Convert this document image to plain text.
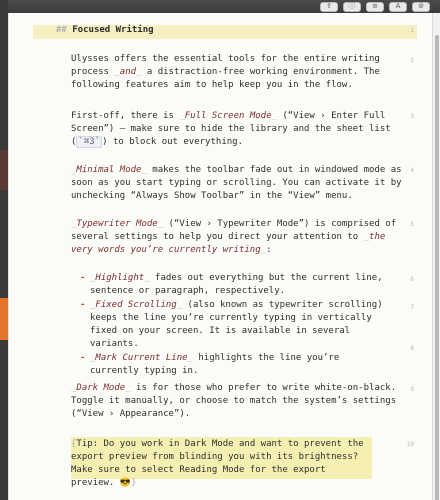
⇪	ⓘ	≡	A	⊘
## Focused Writing	1
Ulysses offers the essential tools for the entire writing process _and_ a distraction-free working environment. The following features aim to help keep you in the flow.
2
First-off, there is _Full Screen Mode_ (“View › Enter Full Screen”) — make sure to hide the library and the sheet list ( `⌘3` ) to block out everything.
3
_Minimal Mode_ makes the toolbar fade out in windowed mode as soon as you start typing or scrolling. You can activate it by unchecking “Always Show Toolbar” in the “View” menu.
4
_Typewriter Mode_ (“View › Typewriter Mode”) is comprised of several settings to help you direct your attention to _the very words you’re currently writing_:
5
- _Highlight_ fades out everything but the current line, sentence or paragraph, respectively.
- _Fixed Scrolling_ (also known as typewriter scrolling) keeps the line you’re currently typing in vertically fixed on your screen. It is available in several variants.
- _Mark Current Line_ highlights the line you’re currently typing in.
6
7
8
_Dark Mode_ is for those who prefer to write white-on-black. Toggle it manually, or choose to match the system’s settings (“View › Appearance”).
9
{Tip: Do you work in Dark Mode and want to prevent the export preview from blinding you with its brightness? Make sure to select Reading Mode for the export preview. 😎}
10
